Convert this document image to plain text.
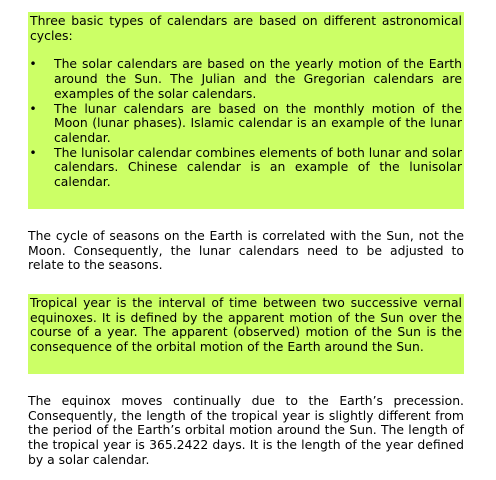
Three basic types of calendars are based on different astronomical cycles:

• The solar calendars are based on the yearly motion of the Earth around the Sun. The Julian and the Gregorian calendars are examples of the solar calendars.
• The lunar calendars are based on the monthly motion of the Moon (lunar phases). Islamic calendar is an example of the lunar calendar.
• The lunisolar calendar combines elements of both lunar and solar calendars. Chinese calendar is an example of the lunisolar calendar.
The cycle of seasons on the Earth is correlated with the Sun, not the Moon. Consequently, the lunar calendars need to be adjusted to relate to the seasons.
Tropical year is the interval of time between two successive vernal equinoxes. It is defined by the apparent motion of the Sun over the course of a year. The apparent (observed) motion of the Sun is the consequence of the orbital motion of the Earth around the Sun.
The equinox moves continually due to the Earth’s precession. Consequently, the length of the tropical year is slightly different from the period of the Earth’s orbital motion around the Sun. The length of the tropical year is 365.2422 days. It is the length of the year defined by a solar calendar.
